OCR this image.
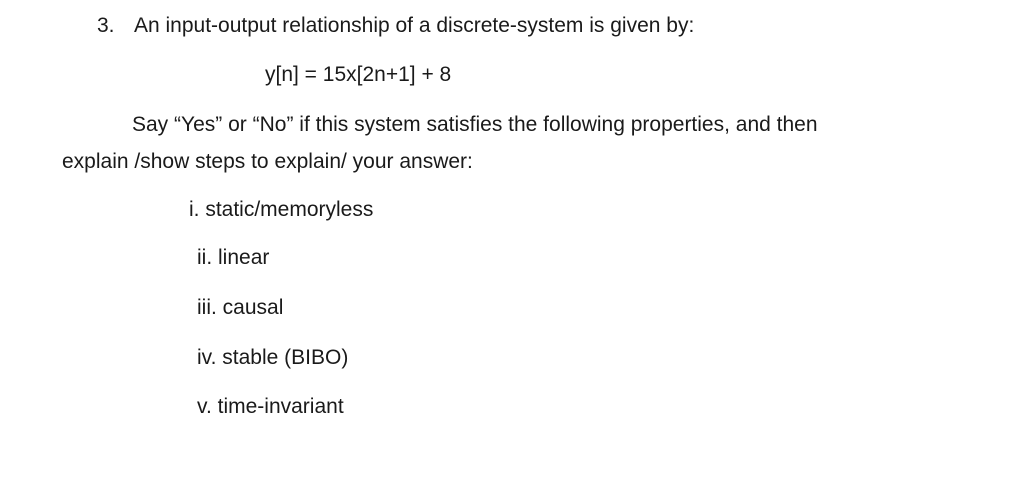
3. An input-output relationship of a discrete-system is given by:
y[n] = 15x[2n+1] + 8
Say “Yes” or “No” if this system satisfies the following properties, and then
explain /show steps to explain/ your answer:
i. static/memoryless
ii. linear
iii. causal
iv. stable (BIBO)
v. time-invariant
